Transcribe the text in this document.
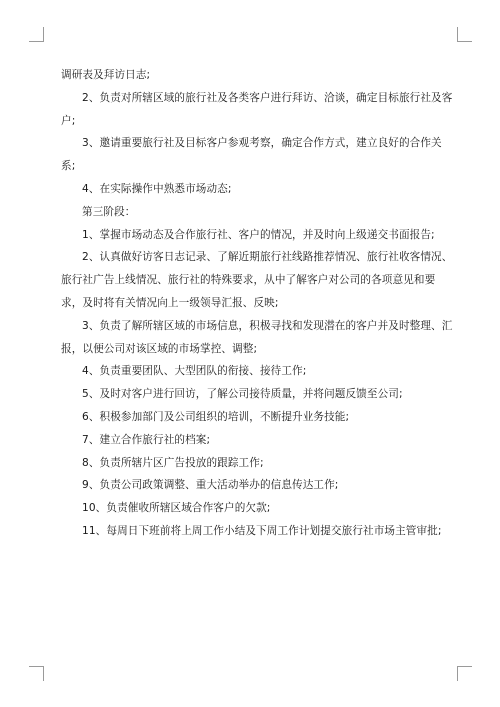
调研表及拜访日志;

2、负责对所辖区域的旅行社及各类客户进行拜访、洽谈，确定目标旅行社及客户;

3、邀请重要旅行社及目标客户参观考察，确定合作方式，建立良好的合作关系;

4、在实际操作中熟悉市场动态;

第三阶段：

1、掌握市场动态及合作旅行社、客户的情况，并及时向上级递交书面报告;

2、认真做好访客日志记录、了解近期旅行社线路推荐情况、旅行社收客情况、旅行社广告上线情况、旅行社的特殊要求，从中了解客户对公司的各项意见和要求，及时将有关情况向上一级领导汇报、反映;

3、负责了解所辖区域的市场信息，积极寻找和发现潜在的客户并及时整理、汇报，以便公司对该区域的市场掌控、调整;

4、负责重要团队、大型团队的衔接、接待工作;

5、及时对客户进行回访，了解公司接待质量，并将问题反馈至公司;

6、积极参加部门及公司组织的培训，不断提升业务技能;

7、建立合作旅行社的档案;

8、负责所辖片区广告投放的跟踪工作;

9、负责公司政策调整、重大活动举办的信息传达工作;

10、负责催收所辖区域合作客户的欠款;

11、每周日下班前将上周工作小结及下周工作计划提交旅行社市场主管审批;
